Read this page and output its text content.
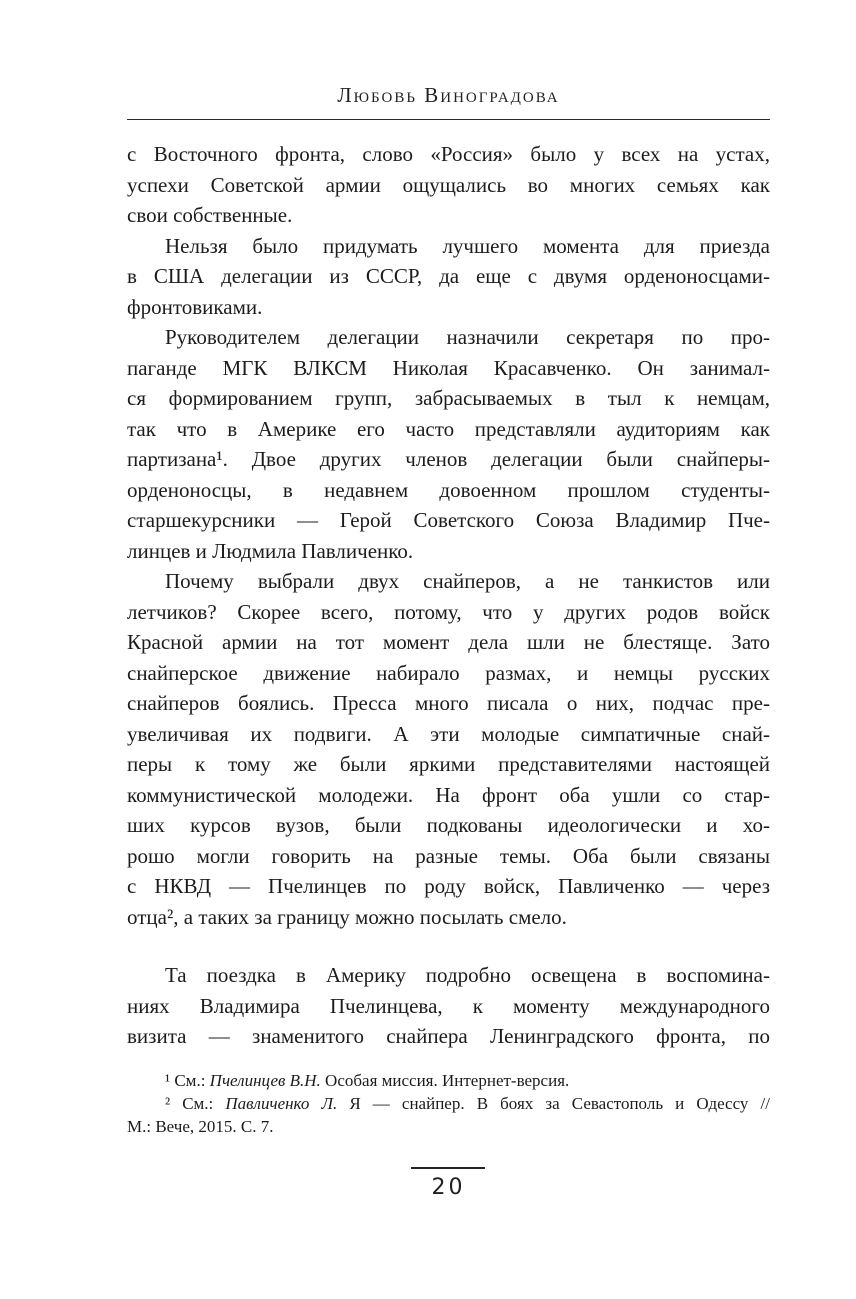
Любовь Виноградова
с Восточного фронта, слово «Россия» было у всех на устах,
успехи Советской армии ощущались во многих семьях как
свои собственные.
Нельзя было придумать лучшего момента для приезда
в США делегации из СССР, да еще с двумя орденоносцами-
фронтовиками.
Руководителем делегации назначили секретаря по про-
паганде МГК ВЛКСМ Николая Красавченко. Он занимал-
ся формированием групп, забрасываемых в тыл к немцам,
так что в Америке его часто представляли аудиториям как
партизана¹. Двое других членов делегации были снайперы-
орденоносцы, в недавнем довоенном прошлом студенты-
старшекурсники — Герой Советского Союза Владимир Пче-
линцев и Людмила Павличенко.
Почему выбрали двух снайперов, а не танкистов или
летчиков? Скорее всего, потому, что у других родов войск
Красной армии на тот момент дела шли не блестяще. Зато
снайперское движение набирало размах, и немцы русских
снайперов боялись. Пресса много писала о них, подчас пре-
увеличивая их подвиги. А эти молодые симпатичные снай-
перы к тому же были яркими представителями настоящей
коммунистической молодежи. На фронт оба ушли со стар-
ших курсов вузов, были подкованы идеологически и хо-
рошо могли говорить на разные темы. Оба были связаны
с НКВД — Пчелинцев по роду войск, Павличенко — через
отца², а таких за границу можно посылать смело.
Та поездка в Америку подробно освещена в воспомина-
ниях Владимира Пчелинцева, к моменту международного
визита — знаменитого снайпера Ленинградского фронта, по
¹ См.: Пчелинцев В.Н. Особая миссия. Интернет-версия.
² См.: Павличенко Л. Я — снайпер. В боях за Севастополь и Одессу //
М.: Вече, 2015. С. 7.
20
